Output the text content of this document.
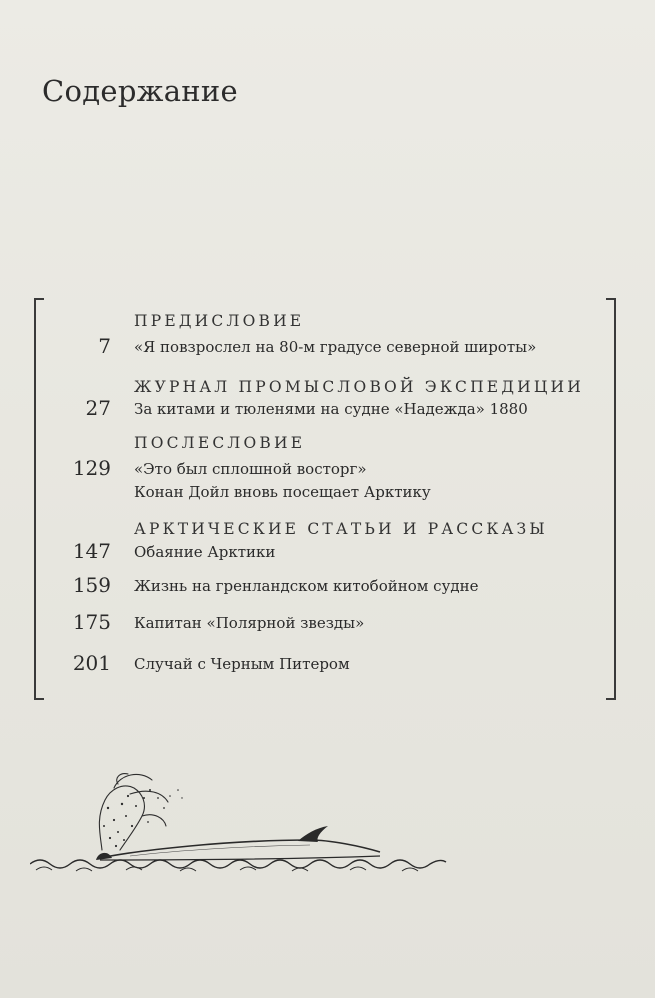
Содержание
ПРЕДИСЛОВИЕ
7 «Я повзрослел на 80-м градусе северной широты»
ЖУРНАЛ ПРОМЫСЛОВОЙ ЭКСПЕДИЦИИ
27 За китами и тюленями на судне «Надежда» 1880
ПОСЛЕСЛОВИЕ
129 «Это был сплошной восторг»
Конан Дойл вновь посещает Арктику
АРКТИЧЕСКИЕ СТАТЬИ И РАССКАЗЫ
147 Обаяние Арктики
159 Жизнь на гренландском китобойном судне
175 Капитан «Полярной звезды»
201 Случай с Черным Питером
